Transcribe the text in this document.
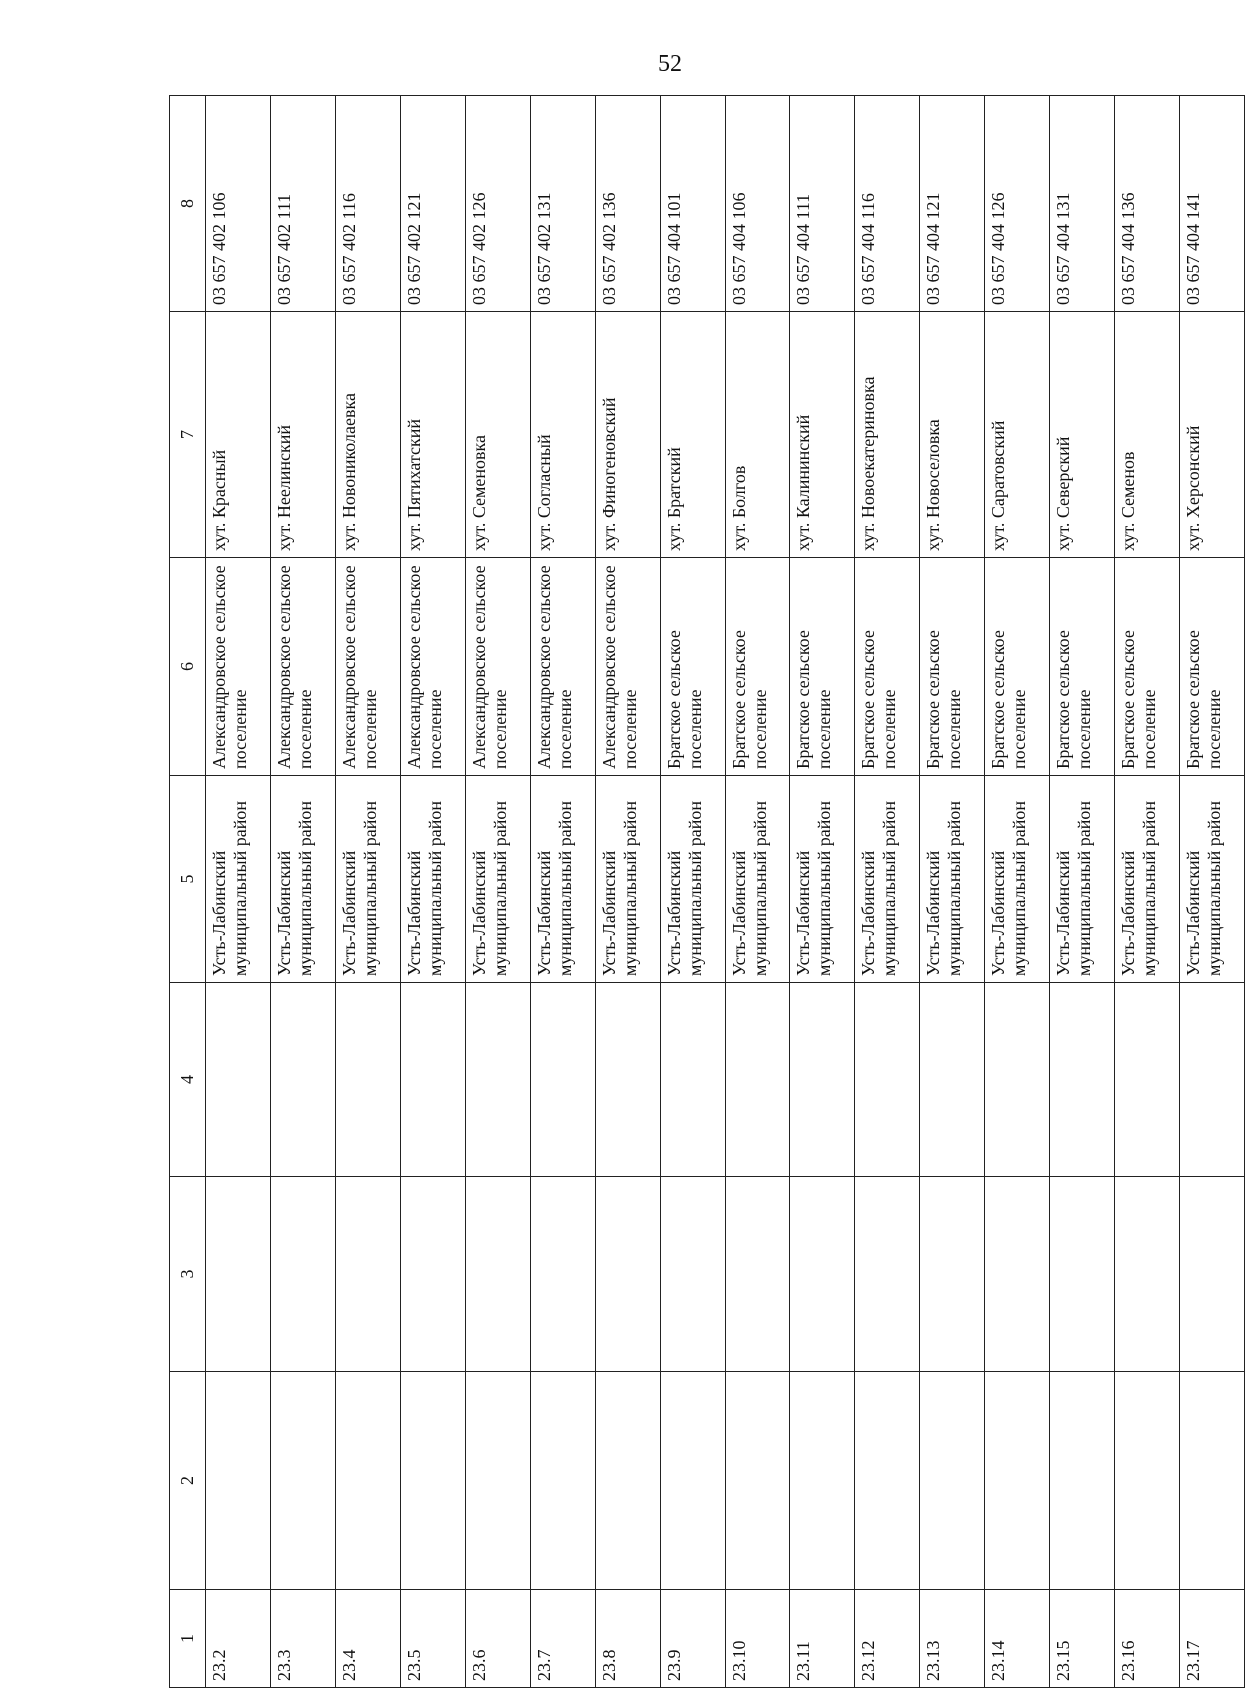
52
1	2	3	4	5	6	7	8
23.2				Усть-Лабинский муниципальный район	Александровское сельское поселение	хут. Красный	03 657 402 106
23.3				Усть-Лабинский муниципальный район	Александровское сельское поселение	хут. Неелинский	03 657 402 111
23.4				Усть-Лабинский муниципальный район	Александровское сельское поселение	хут. Новониколаевка	03 657 402 116
23.5				Усть-Лабинский муниципальный район	Александровское сельское поселение	хут. Пятихатский	03 657 402 121
23.6				Усть-Лабинский муниципальный район	Александровское сельское поселение	хут. Семеновка	03 657 402 126
23.7				Усть-Лабинский муниципальный район	Александровское сельское поселение	хут. Согласный	03 657 402 131
23.8				Усть-Лабинский муниципальный район	Александровское сельское поселение	хут. Финогеновский	03 657 402 136
23.9				Усть-Лабинский муниципальный район	Братское сельское поселение	хут. Братский	03 657 404 101
23.10				Усть-Лабинский муниципальный район	Братское сельское поселение	хут. Болгов	03 657 404 106
23.11				Усть-Лабинский муниципальный район	Братское сельское поселение	хут. Калининский	03 657 404 111
23.12				Усть-Лабинский муниципальный район	Братское сельское поселение	хут. Новоекатериновка	03 657 404 116
23.13				Усть-Лабинский муниципальный район	Братское сельское поселение	хут. Новоселовка	03 657 404 121
23.14				Усть-Лабинский муниципальный район	Братское сельское поселение	хут. Саратовский	03 657 404 126
23.15				Усть-Лабинский муниципальный район	Братское сельское поселение	хут. Северский	03 657 404 131
23.16				Усть-Лабинский муниципальный район	Братское сельское поселение	хут. Семенов	03 657 404 136
23.17				Усть-Лабинский муниципальный район	Братское сельское поселение	хут. Херсонский	03 657 404 141
